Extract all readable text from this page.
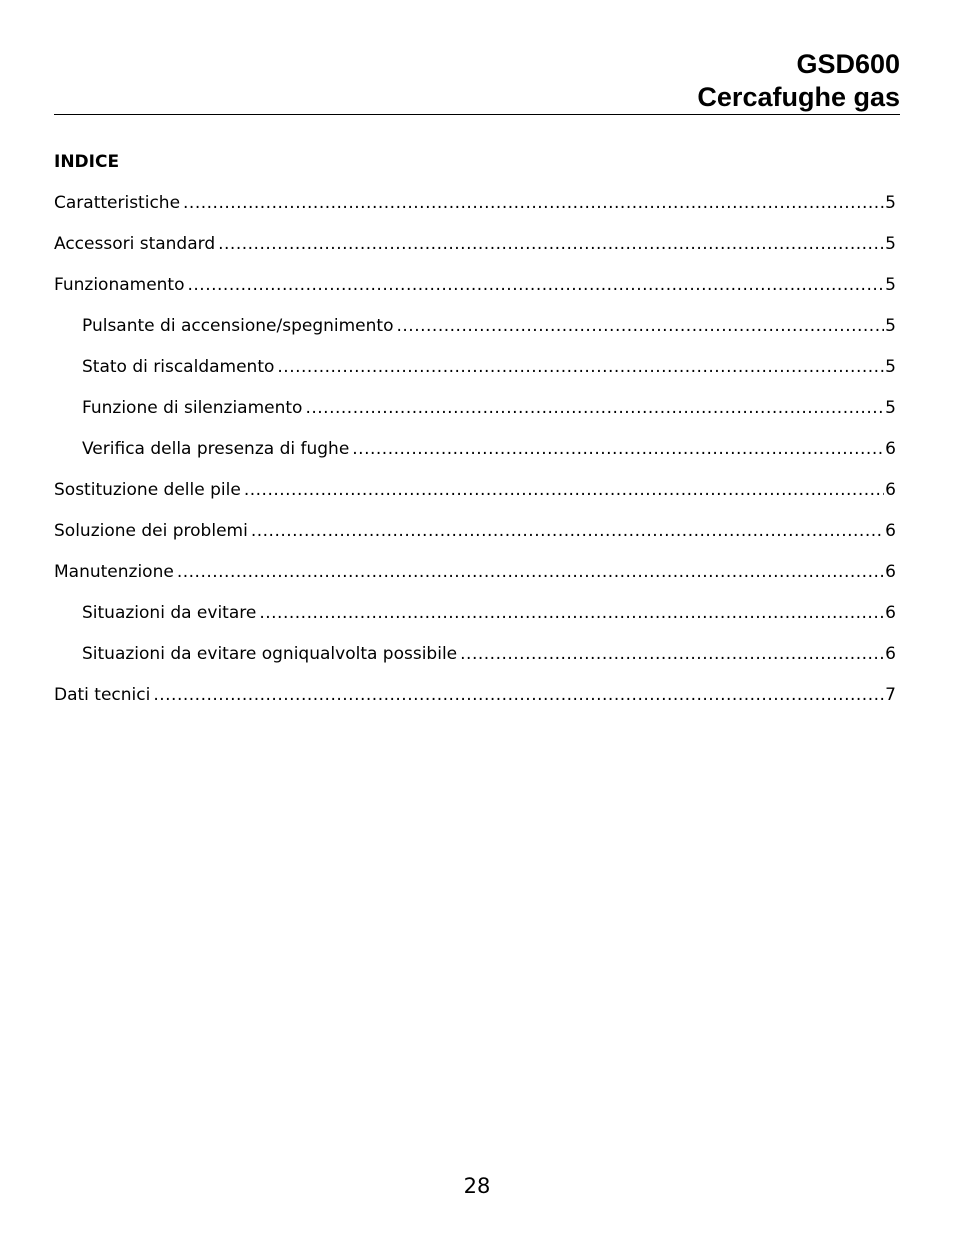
GSD600
Cercafughe gas
INDICE
Caratteristiche .....	5
Accessori standard .....	5
Funzionamento .....	5
Pulsante di accensione/spegnimento .....	5
Stato di riscaldamento .....	5
Funzione di silenziamento .....	5
Verifica della presenza di fughe .....	6
Sostituzione delle pile .....	6
Soluzione dei problemi .....	6
Manutenzione .....	6
Situazioni da evitare .....	6
Situazioni da evitare ogniqualvolta possibile .....	6
Dati tecnici .....	7
28
